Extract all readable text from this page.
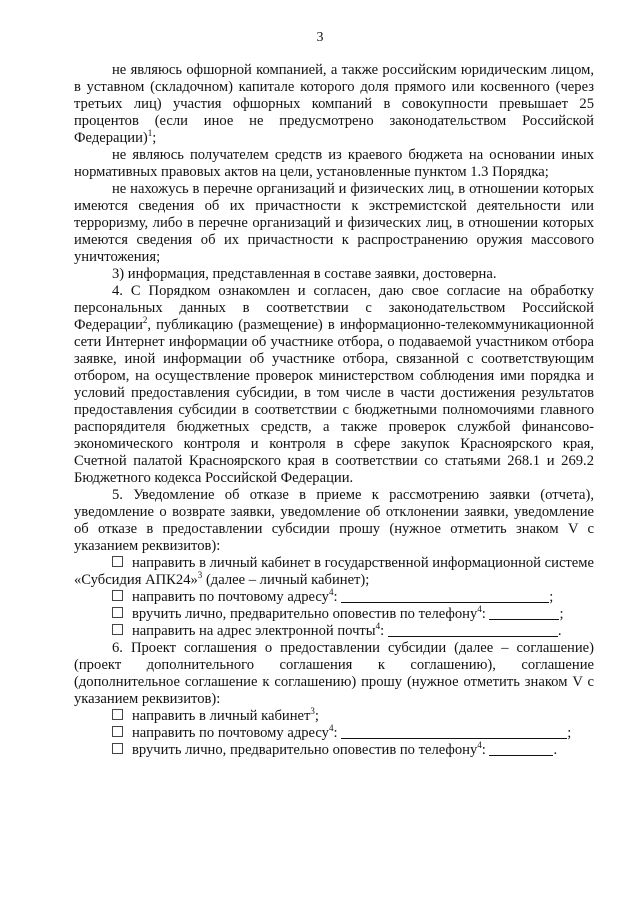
3

не являюсь офшорной компанией, а также российским юридическим лицом, в уставном (складочном) капитале которого доля прямого или косвенного (через третьих лиц) участия офшорных компаний в совокупности превышает 25 процентов (если иное не предусмотрено законодательством Российской Федерации)$^1$;

не являюсь получателем средств из краевого бюджета на основании иных нормативных правовых актов на цели, установленные пунктом 1.3 Порядка;

не нахожусь в перечне организаций и физических лиц, в отношении которых имеются сведения об их причастности к экстремистской деятельности или терроризму, либо в перечне организаций и физических лиц, в отношении которых имеются сведения об их причастности к распространению оружия массового уничтожения;

3) информация, представленная в составе заявки, достоверна.

4. С Порядком ознакомлен и согласен, даю свое согласие на обработку персональных данных в соответствии с законодательством Российской Федерации$^2$, публикацию (размещение) в информационно-телекоммуникационной сети Интернет информации об участнике отбора, о подаваемой участником отбора заявке, иной информации об участнике отбора, связанной с соответствующим отбором, на осуществление проверок министерством соблюдения ими порядка и условий предоставления субсидии, в том числе в части достижения результатов предоставления субсидии в соответствии с бюджетными полномочиями главного распорядителя бюджетных средств, а также проверок службой финансово-экономического контроля и контроля в сфере закупок Красноярского края, Счетной палатой Красноярского края в соответствии со статьями 268.1 и 269.2 Бюджетного кодекса Российской Федерации.

5. Уведомление об отказе в приеме к рассмотрению заявки (отчета), уведомление о возврате заявки, уведомление об отклонении заявки, уведомление об отказе в предоставлении субсидии прошу (нужное отметить знаком V с указанием реквизитов):

направить в личный кабинет в государственной информационной системе «Субсидия АПК24»$^3$ (далее – личный кабинет);

направить по почтовому адресу$^4$:	;

вручить лично, предварительно оповестив по телефону$^4$:	;

направить на адрес электронной почты$^4$:	.

6. Проект соглашения о предоставлении субсидии (далее – соглашение) (проект дополнительного соглашения к соглашению), соглашение (дополнительное соглашение к соглашению) прошу (нужное отметить знаком V с указанием реквизитов):

направить в личный кабинет$^3$;

направить по почтовому адресу$^4$:	;

вручить лично, предварительно оповестив по телефону$^4$:	.
